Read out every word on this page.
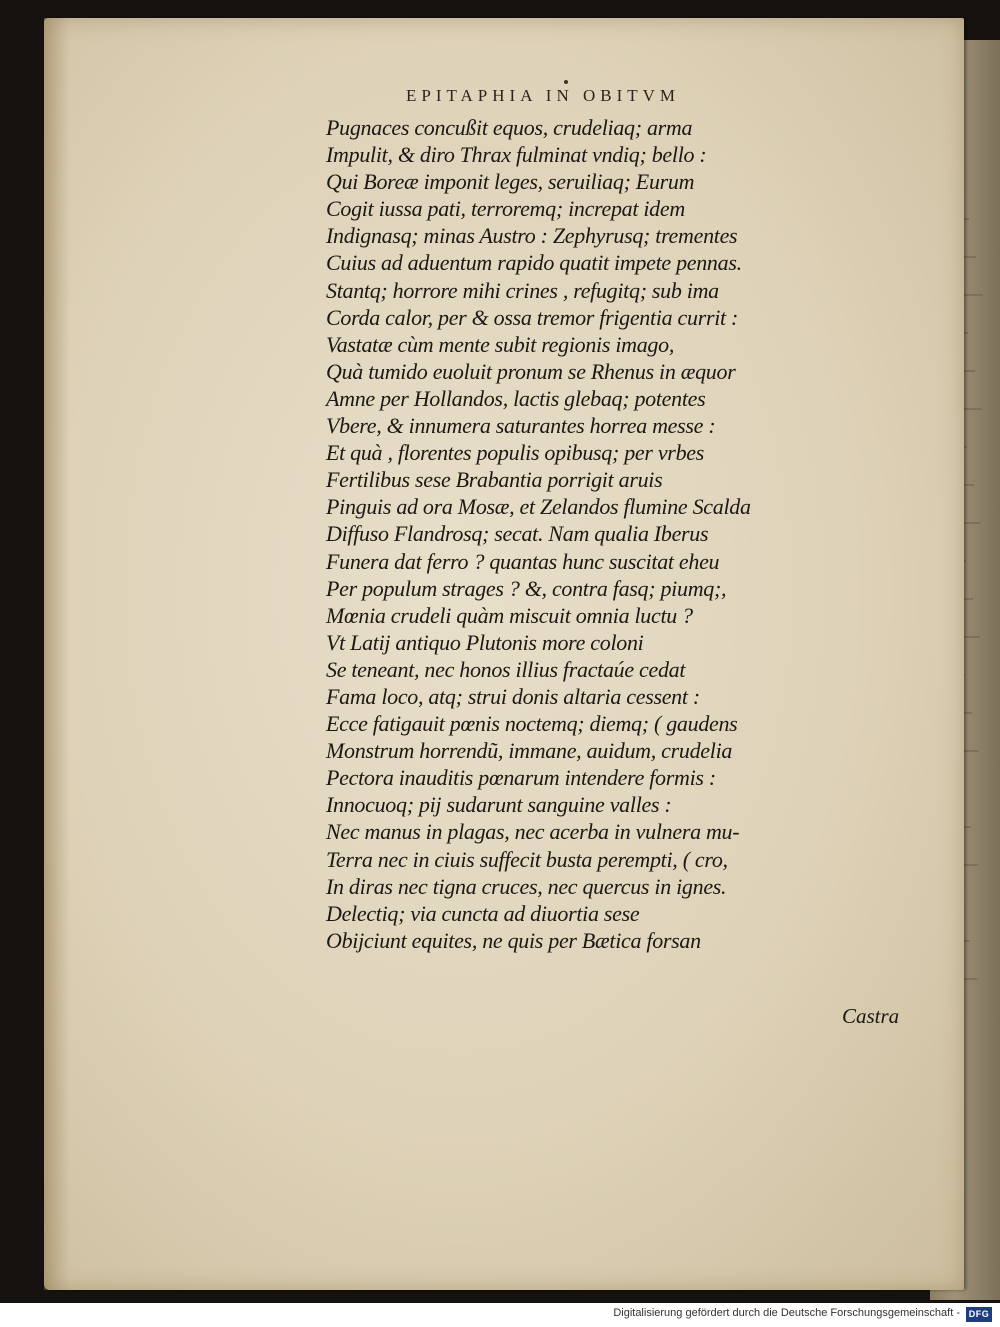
EPITAPHIA IN OBITVM
Pugnaces concußit equos, crudeliaq; arma
Impulit, & diro Thrax fulminat vndiq; bello :
Qui Boreæ imponit leges, seruiliaq; Eurum
Cogit iussa pati, terroremq; increpat idem
Indignasq; minas Austro : Zephyrusq; trementes
Cuius ad aduentum rapido quatit impete pennas.
Stantq; horrore mihi crines , refugitq; sub ima
Corda calor, per & ossa tremor frigentia currit :
Vastatæ cùm mente subit regionis imago,
Quà tumido euoluit pronum se Rhenus in æquor
Amne per Hollandos, lactis glebaq; potentes
Vbere, & innumera saturantes horrea messe :
Et quà , florentes populis opibusq; per vrbes
Fertilibus sese Brabantia porrigit aruis
Pinguis ad ora Mosæ, et Zelandos flumine Scalda
Diffuso Flandrosq; secat. Nam qualia Iberus
Funera dat ferro ? quantas hunc suscitat eheu
Per populum strages ? &, contra fasq; piumq;,
Mœnia crudeli quàm miscuit omnia luctu ?
Vt Latij antiquo Plutonis more coloni
Se teneant, nec honos illius fractaúe cedat
Fama loco, atq; strui donis altaria cessent :
Ecce fatigauit pœnis noctemq; diemq; ( gaudens
Monstrum horrendũ, immane, auidum, crudelia
Pectora inauditis pœnarum intendere formis :
Innocuoq; pij sudarunt sanguine valles :
Nec manus in plagas, nec acerba in vulnera mu-
Terra nec in ciuis suffecit busta perempti, ( cro,
In diras nec tigna cruces, nec quercus in ignes.
Delectiq; via cuncta ad diuortia sese
Obijciunt equites, ne quis per Bætica forsan
Castra
Digitalisierung gefördert durch die Deutsche Forschungsgemeinschaft - DFG
